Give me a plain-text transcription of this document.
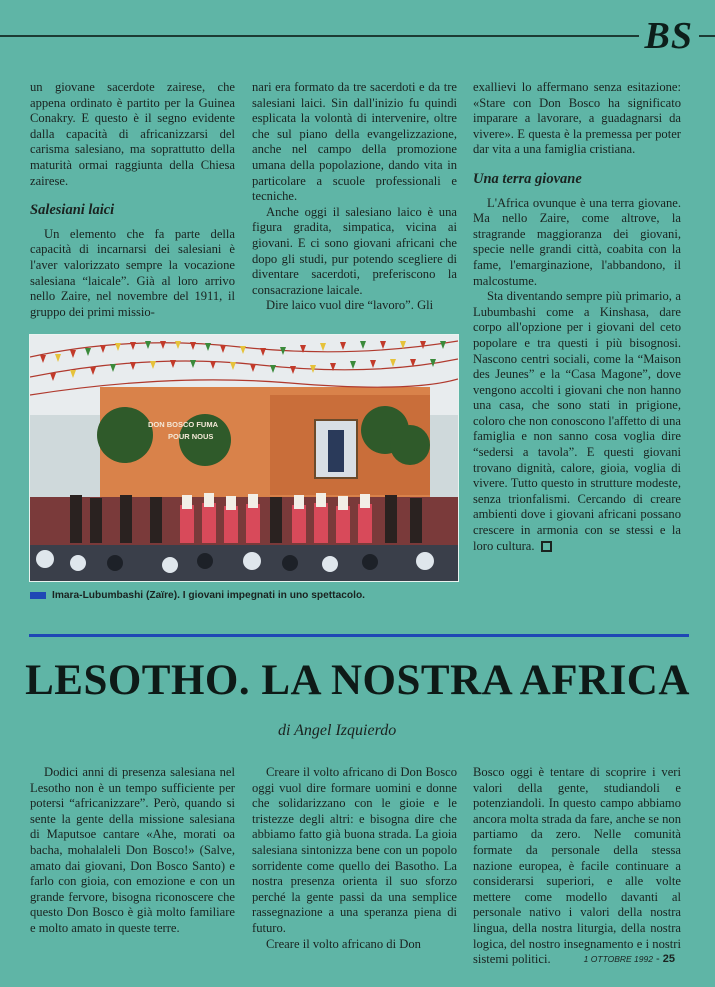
BS

un giovane sacerdote zairese, che appena ordinato è partito per la Guinea Conakry. E questo è il segno evidente dalla capacità di africanizzarsi del carisma salesiano, ma soprattutto della maturità ormai raggiunta della Chiesa zairese.

Salesiani laici

Un elemento che fa parte della capacità di incarnarsi dei salesiani è l'aver valorizzato sempre la vocazione salesiana “laicale”. Già al loro arrivo nello Zaire, nel novembre del 1911, il gruppo dei primi missio-

nari era formato da tre sacerdoti e da tre salesiani laici. Sin dall'inizio fu quindi esplicata la volontà di intervenire, oltre che sul piano della evangelizzazione, anche nel campo della promozione umana della popolazione, dando vita in particolare a scuole professionali e tecniche.

Anche oggi il salesiano laico è una figura gradita, simpatica, vicina ai giovani. E ci sono giovani africani che dopo gli studi, pur potendo scegliere di diventare sacerdoti, preferiscono la consacrazione laicale.

Dire laico vuol dire “lavoro”. Gli

exallievi lo affermano senza esitazione: «Stare con Don Bosco ha significato imparare a lavorare, a guadagnarsi da vivere». E questa è la premessa per poter dar vita a una famiglia cristiana.

Una terra giovane

L'Africa ovunque è una terra giovane. Ma nello Zaire, come altrove, la stragrande maggioranza dei giovani, specie nelle grandi città, coabita con la fame, l'emarginazione, l'abbandono, il malcostume.

Sta diventando sempre più primario, a Lubumbashi come a Kinshasa, dare corpo all'opzione per i giovani del ceto popolare e tra questi i più bisognosi. Nascono centri sociali, come la “Maison des Jeunes” e la “Casa Magone”, dove vengono accolti i giovani che non hanno una casa, che sono stati in prigione, coloro che non conoscono l'affetto di una famiglia e non sanno cosa voglia dire “sedersi a tavola”. E questi giovani trovano dignità, calore, gioia, voglia di vivere. Tutto questo in strutture modeste, senza trionfalismi. Cercando di creare ambienti dove i giovani africani possano crescere in armonia con se stessi e la loro cultura.

DON BOSCO FUMA
POUR NOUS
Imara-Lubumbashi (Zaïre). I giovani impegnati in uno spettacolo.
LESOTHO. LA NOSTRA AFRICA
di Angel Izquierdo

Dodici anni di presenza salesiana nel Lesotho non è un tempo sufficiente per potersi “africanizzare”. Però, quando si sente la gente della missione salesiana di Maputsoe cantare «Ahe, morati oa bacha, mohalaleli Don Bosco!» (Salve, amato dai giovani, Don Bosco Santo) e farlo con gioia, con emozione e con un grande fervore, bisogna riconoscere che questo Don Bosco è già molto familiare e molto amato in queste terre.

Creare il volto africano di Don Bosco oggi vuol dire formare uomini e donne che solidarizzano con le gioie e le tristezze degli altri: e bisogna dire che abbiamo fatto già buona strada. La gioia salesiana sintonizza bene con un popolo sorridente come quello dei Basotho. La nostra presenza orienta il suo sforzo perché la gente passi da una semplice rassegnazione a una speranza piena di futuro.

Creare il volto africano di Don

Bosco oggi è tentare di scoprire i veri valori della gente, studiandoli e potenziandoli. In questo campo abbiamo ancora molta strada da fare, anche se non partiamo da zero. Nelle comunità formate da personale della stessa nazione europea, è facile continuare a considerarsi superiori, e alle volte mettere come modello davanti al personale nativo i valori della nostra lingua, della nostra liturgia, della nostra logica, del nostro insegnamento e i nostri sistemi politici.	1 OTTOBRE 1992 - 25
